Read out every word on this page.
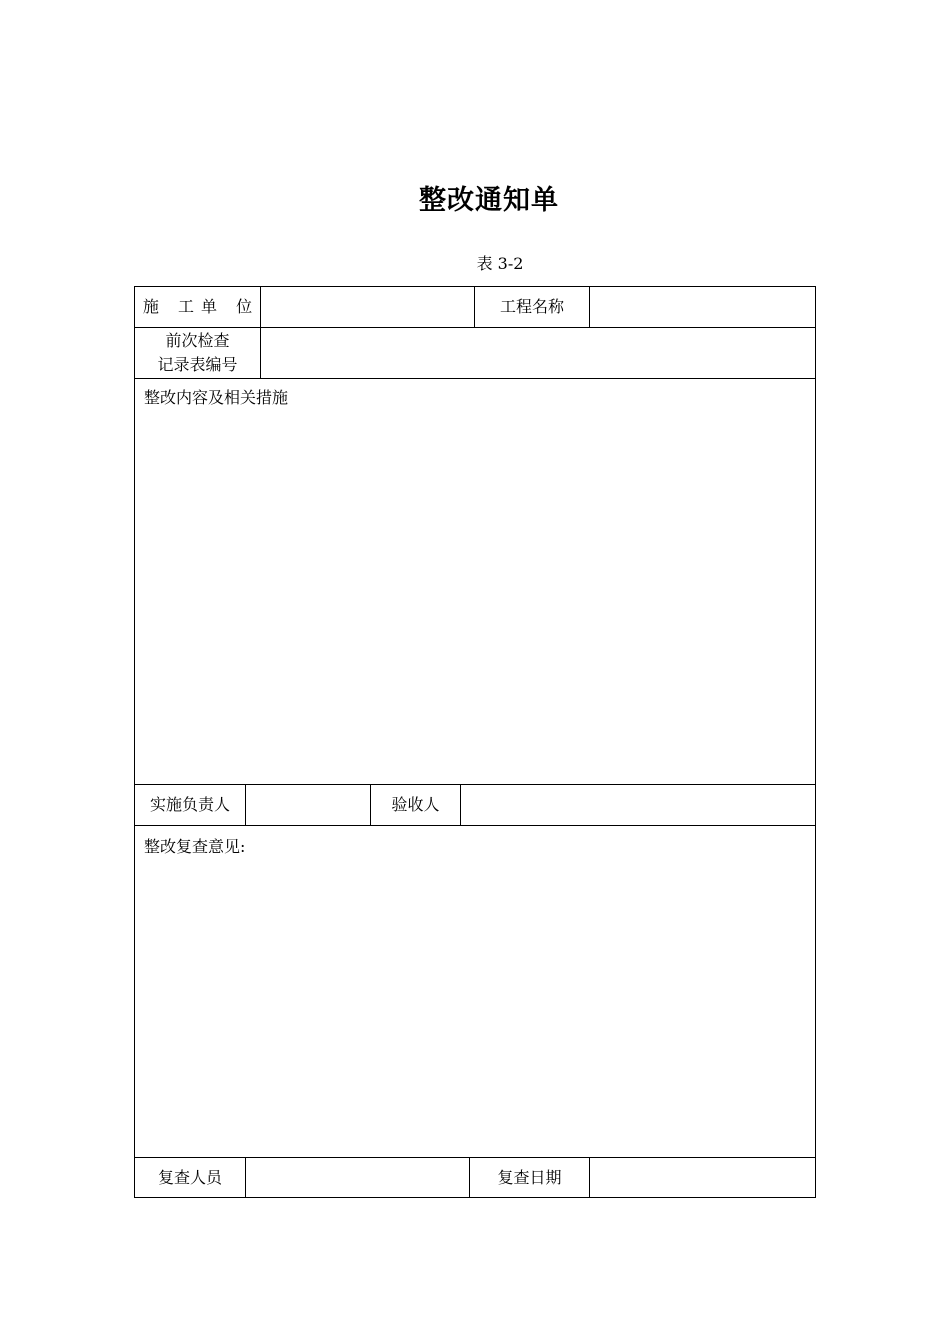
整改通知单
表 3-2
施 工单 位	工程名称
前次检查
记录表编号
整改内容及相关措施
实施负责人	验收人
整改复查意见:
复查人员	复查日期
